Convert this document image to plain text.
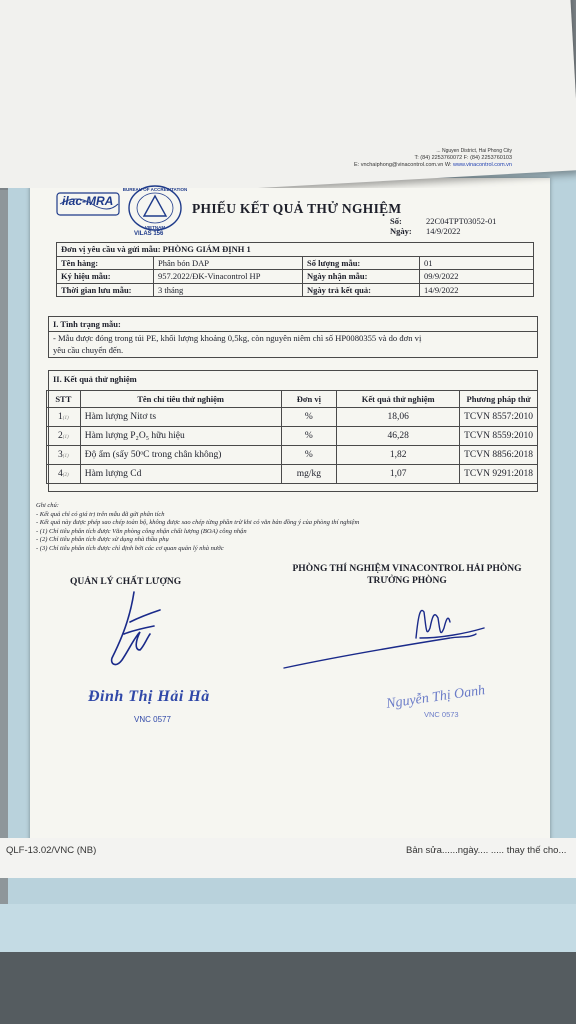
... Nguyen District, Hai Phong City
T: (84) 2253760072 F: (84) 2253760103
E: vnchaiphong@vinacontrol.com.vn W: www.vinacontrol.com.vn
ilac-MRA
BUREAU OF ACCREDITATION
VIETNAM
VILAS 156
PHIẾU KẾT QUẢ THỬ NGHIỆM
Số:	22C04TPT03052-01
Ngày: 14/9/2022
Đơn vị yêu cầu và gửi mẫu: PHÒNG GIÁM ĐỊNH 1			
Tên hàng:	Phân bón DAP	Số lượng mẫu:	01
Ký hiệu mẫu:	957.2022/ĐK-Vinacontrol HP	Ngày nhận mẫu:	09/9/2022
Thời gian lưu mẫu:	3 tháng	Ngày trả kết quả:	14/9/2022
I. Tình trạng mẫu:
- Mẫu được đóng trong túi PE, khối lượng khoảng 0,5kg, còn nguyên niêm chì số HP0080355 và do đơn vị
yêu cầu chuyển đến.
II. Kết quả thử nghiệm
STT	Tên chỉ tiêu thử nghiệm	Đơn vị	Kết quả thử nghiệm	Phương pháp thử
1(1)	Hàm lượng Nitơ ts	%	18,06	TCVN 8557:2010
2(1)	Hàm lượng P₂O₅ hữu hiệu	%	46,28	TCVN 8559:2010
3(1)	Độ ẩm (sấy 50ᵒC trong chân không)	%	1,82	TCVN 8856:2018
4(2)	Hàm lượng Cd	mg/kg	1,07	TCVN 9291:2018
Ghi chú:
- Kết quả chỉ có giá trị trên mẫu đã gửi phân tích
- Kết quả này được phép sao chép toàn bộ, không được sao chép từng phần trừ khi có văn bản đồng ý của phòng thí nghiệm
- (1) Chỉ tiêu phân tích được Văn phòng công nhận chất lượng (BOA) công nhận
- (2) Chỉ tiêu phân tích được sử dụng nhà thầu phụ
- (3) Chỉ tiêu phân tích được chỉ định bởi các cơ quan quản lý nhà nước
QUẢN LÝ CHẤT LƯỢNG
PHÒNG THÍ NGHIỆM VINACONTROL HẢI PHÒNG
TRƯỞNG PHÒNG
Đinh Thị Hải Hà
VNC 0577
Nguyễn Thị Oanh
VNC 0573
QLF-13.02/VNC (NB)	Bản sửa......ngày.... ..... thay thế cho...
